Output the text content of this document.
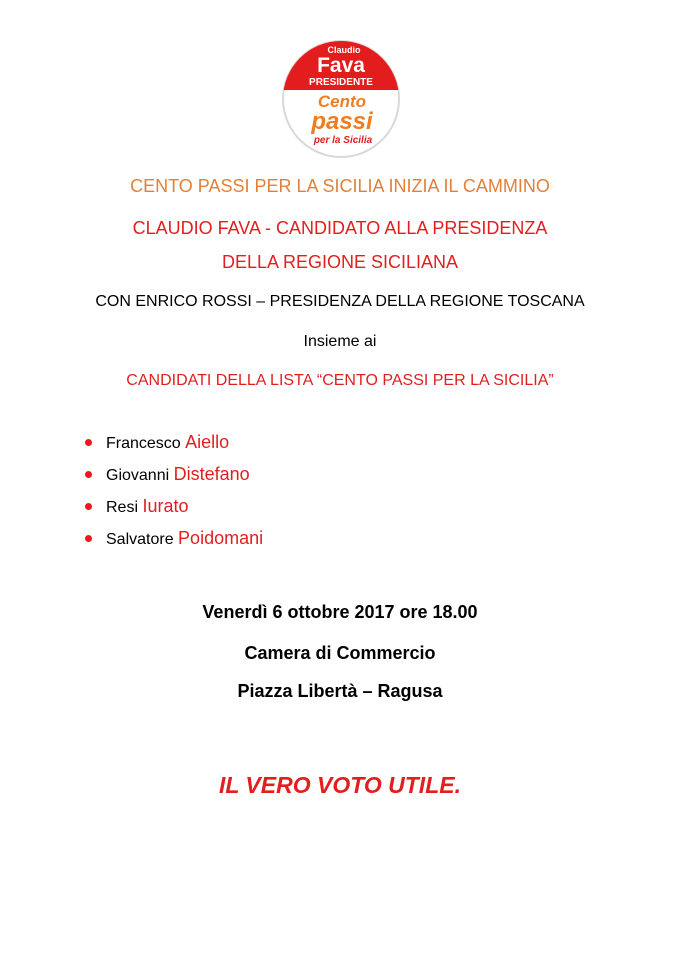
Claudio
Fava
PRESIDENTE
Cento
passi
per la Sicilia
CENTO PASSI PER LA SICILIA INIZIA IL CAMMINO
CLAUDIO FAVA - CANDIDATO ALLA PRESIDENZA
DELLA REGIONE SICILIANA
CON ENRICO ROSSI – PRESIDENZA DELLA REGIONE TOSCANA
Insieme ai
CANDIDATI DELLA LISTA “CENTO PASSI PER LA SICILIA”
Francesco Aiello
Giovanni Distefano
Resi Iurato
Salvatore Poidomani
Venerdì 6 ottobre 2017 ore 18.00
Camera di Commercio
Piazza Libertà – Ragusa
IL VERO VOTO UTILE.
